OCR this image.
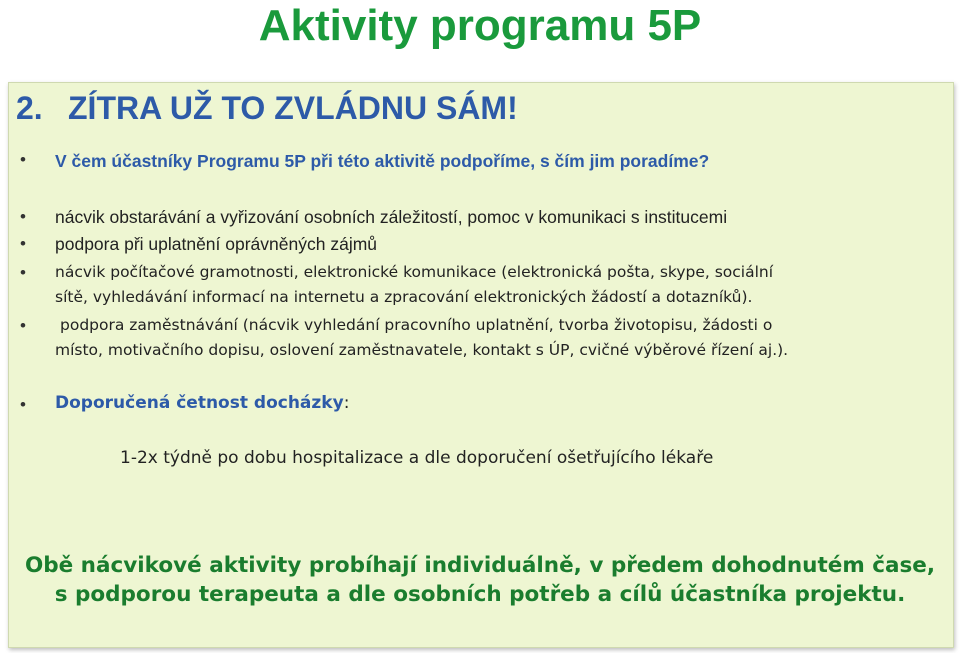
Aktivity programu 5P
2. ZÍTRA UŽ TO ZVLÁDNU SÁM!
•	V čem účastníky Programu 5P při této aktivitě podpoříme, s čím jim poradíme?
•	nácvik obstarávání a vyřizování osobních záležitostí, pomoc v komunikaci s institucemi
•	podpora při uplatnění oprávněných zájmů
•	nácvik počítačové gramotnosti, elektronické komunikace (elektronická pošta, skype, sociální
sítě, vyhledávání informací na internetu a zpracování elektronických žádostí a dotazníků).
•	podpora zaměstnávání (nácvik vyhledání pracovního uplatnění, tvorba životopisu, žádosti o
místo, motivačního dopisu, oslovení zaměstnavatele, kontakt s ÚP, cvičné výběrové řízení aj.).
•	Doporučená četnost docházky:
1-2x týdně po dobu hospitalizace a dle doporučení ošetřujícího lékaře
Obě nácvikové aktivity probíhají individuálně, v předem dohodnutém čase,
s podporou terapeuta a dle osobních potřeb a cílů účastníka projektu.
